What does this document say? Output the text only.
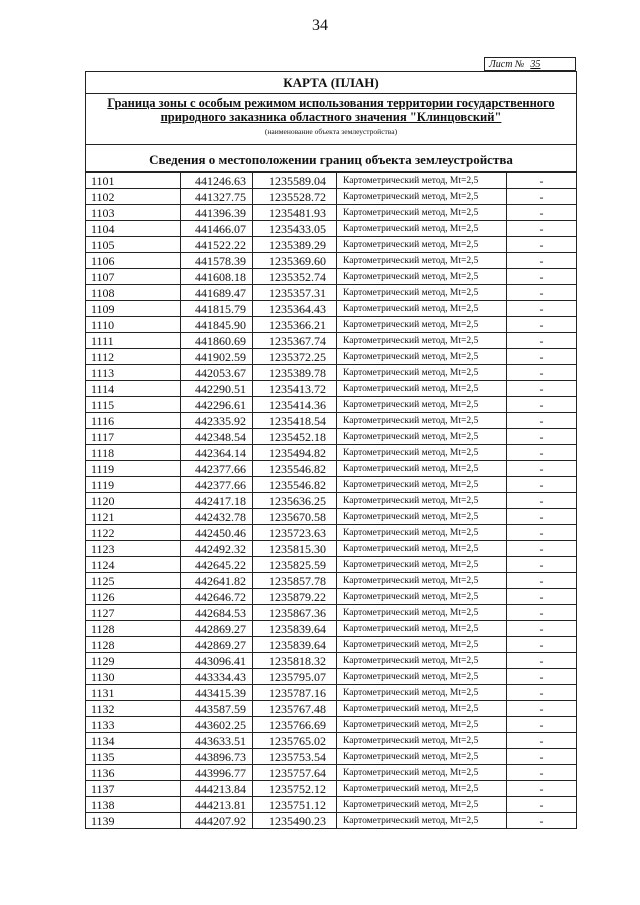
34
Лист № 35
КАРТА (ПЛАН)
Граница зоны с особым режимом использования территории государственного
природного заказника областного значения "Клинцовский"
(наименование объекта землеустройства)
Сведения о местоположении границ объекта землеустройства
1101	441246.63	1235589.04	Картометрический метод, Mt=2,5	-
1102	441327.75	1235528.72	Картометрический метод, Mt=2,5	-
1103	441396.39	1235481.93	Картометрический метод, Mt=2,5	-
1104	441466.07	1235433.05	Картометрический метод, Mt=2,5	-
1105	441522.22	1235389.29	Картометрический метод, Mt=2,5	-
1106	441578.39	1235369.60	Картометрический метод, Mt=2,5	-
1107	441608.18	1235352.74	Картометрический метод, Mt=2,5	-
1108	441689.47	1235357.31	Картометрический метод, Mt=2,5	-
1109	441815.79	1235364.43	Картометрический метод, Mt=2,5	-
1110	441845.90	1235366.21	Картометрический метод, Mt=2,5	-
1111	441860.69	1235367.74	Картометрический метод, Mt=2,5	-
1112	441902.59	1235372.25	Картометрический метод, Mt=2,5	-
1113	442053.67	1235389.78	Картометрический метод, Mt=2,5	-
1114	442290.51	1235413.72	Картометрический метод, Mt=2,5	-
1115	442296.61	1235414.36	Картометрический метод, Mt=2,5	-
1116	442335.92	1235418.54	Картометрический метод, Mt=2,5	-
1117	442348.54	1235452.18	Картометрический метод, Mt=2,5	-
1118	442364.14	1235494.82	Картометрический метод, Mt=2,5	-
1119	442377.66	1235546.82	Картометрический метод, Mt=2,5	-
1119	442377.66	1235546.82	Картометрический метод, Mt=2,5	-
1120	442417.18	1235636.25	Картометрический метод, Mt=2,5	-
1121	442432.78	1235670.58	Картометрический метод, Mt=2,5	-
1122	442450.46	1235723.63	Картометрический метод, Mt=2,5	-
1123	442492.32	1235815.30	Картометрический метод, Mt=2,5	-
1124	442645.22	1235825.59	Картометрический метод, Mt=2,5	-
1125	442641.82	1235857.78	Картометрический метод, Mt=2,5	-
1126	442646.72	1235879.22	Картометрический метод, Mt=2,5	-
1127	442684.53	1235867.36	Картометрический метод, Mt=2,5	-
1128	442869.27	1235839.64	Картометрический метод, Mt=2,5	-
1128	442869.27	1235839.64	Картометрический метод, Mt=2,5	-
1129	443096.41	1235818.32	Картометрический метод, Mt=2,5	-
1130	443334.43	1235795.07	Картометрический метод, Mt=2,5	-
1131	443415.39	1235787.16	Картометрический метод, Mt=2,5	-
1132	443587.59	1235767.48	Картометрический метод, Mt=2,5	-
1133	443602.25	1235766.69	Картометрический метод, Mt=2,5	-
1134	443633.51	1235765.02	Картометрический метод, Mt=2,5	-
1135	443896.73	1235753.54	Картометрический метод, Mt=2,5	-
1136	443996.77	1235757.64	Картометрический метод, Mt=2,5	-
1137	444213.84	1235752.12	Картометрический метод, Mt=2,5	-
1138	444213.81	1235751.12	Картометрический метод, Mt=2,5	-
1139	444207.92	1235490.23	Картометрический метод, Mt=2,5	-
